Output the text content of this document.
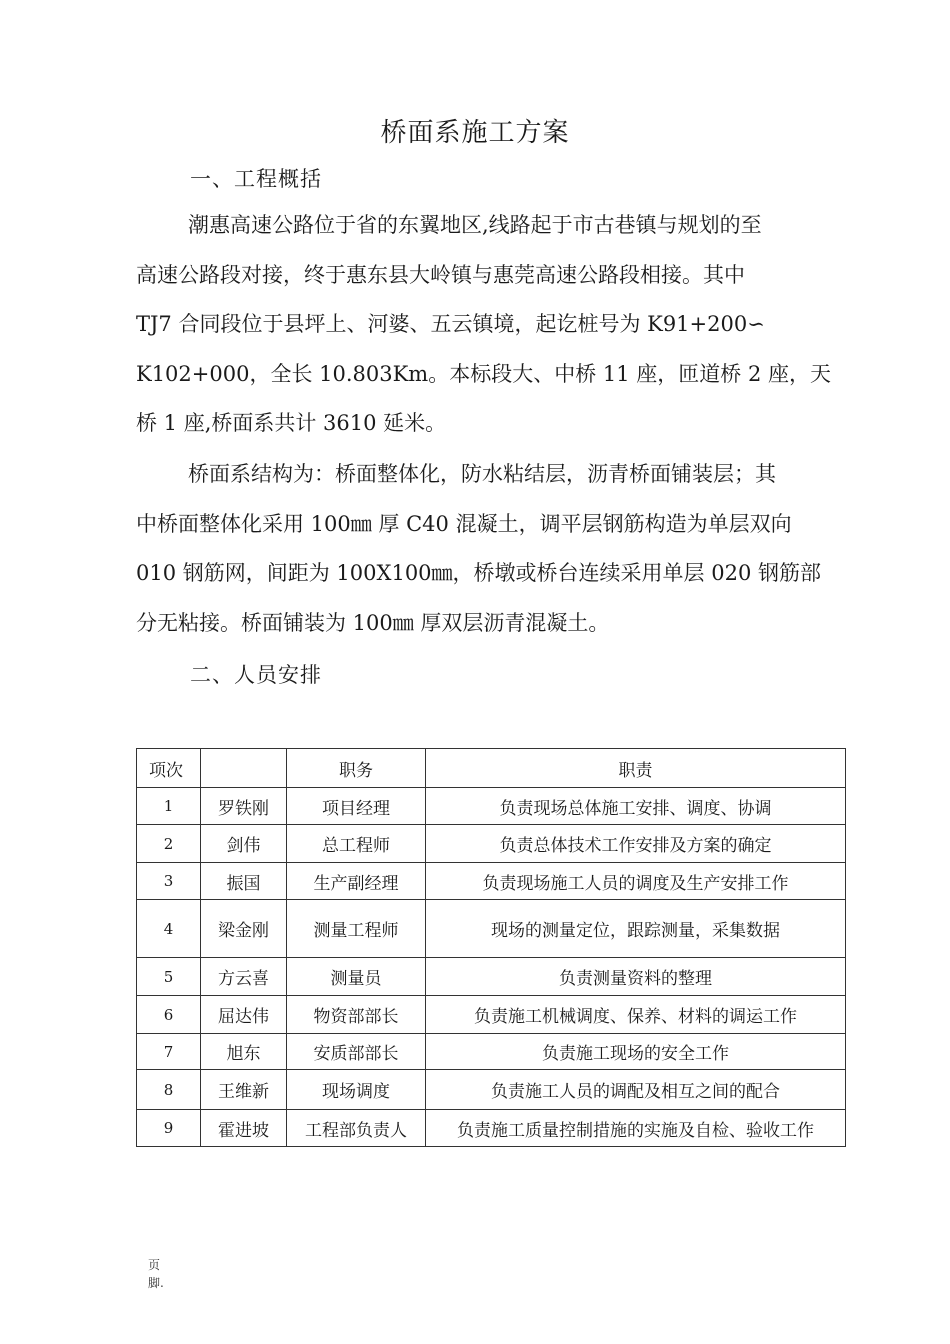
桥面系施工方案
一、工程概括
潮惠高速公路位于省的东翼地区,线路起于市古巷镇与规划的至
高速公路段对接，终于惠东县大岭镇与惠莞高速公路段相接。其中
TJ7 合同段位于县坪上、河婆、五云镇境，起讫桩号为 K91+200∽
K102+000，全长 10.803Km。本标段大、中桥 11 座，匝道桥 2 座，天
桥 1 座,桥面系共计 3610 延米。
桥面系结构为：桥面整体化，防水粘结层，沥青桥面铺装层；其
中桥面整体化采用 100㎜ 厚 C40 混凝土，调平层钢筋构造为单层双向
010 钢筋网，间距为 100X100㎜，桥墩或桥台连续采用单层 020 钢筋部
分无粘接。桥面铺装为 100㎜ 厚双层沥青混凝土。
二、人员安排
项次		职务	职责
1	罗铁刚	项目经理	负责现场总体施工安排、调度、协调
2	剑伟	总工程师	负责总体技术工作安排及方案的确定
3	振国	生产副经理	负责现场施工人员的调度及生产安排工作
4	梁金刚	测量工程师	现场的测量定位，跟踪测量，采集数据
5	方云喜	测量员	负责测量资料的整理
6	屈达伟	物资部部长	负责施工机械调度、保养、材料的调运工作
7	旭东	安质部部长	负责施工现场的安全工作
8	王维新	现场调度	负责施工人员的调配及相互之间的配合
9	霍进坡	工程部负责人	负责施工质量控制措施的实施及自检、验收工作
页
脚.
